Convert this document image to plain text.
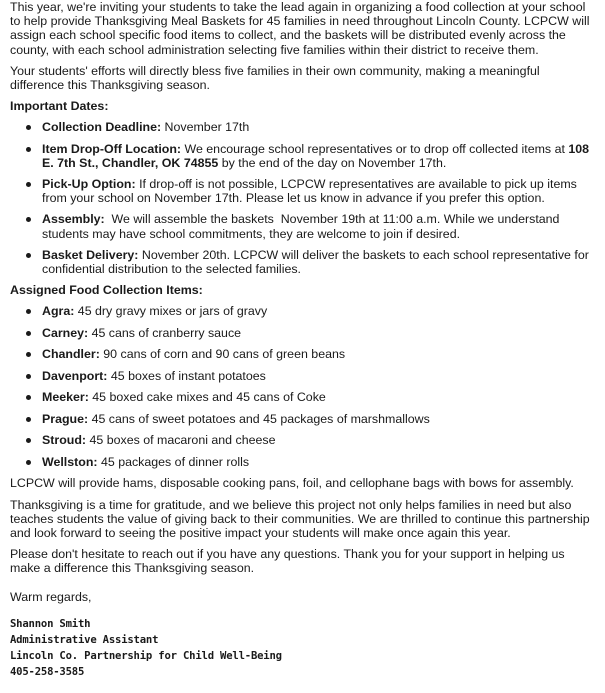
This year, we're inviting your students to take the lead again in organizing a food collection at your school to help provide Thanksgiving Meal Baskets for 45 families in need throughout Lincoln County. LCPCW will assign each school specific food items to collect, and the baskets will be distributed evenly across the county, with each school administration selecting five families within their district to receive them.

Your students' efforts will directly bless five families in their own community, making a meaningful difference this Thanksgiving season.

Important Dates:
Collection Deadline: November 17th
Item Drop-Off Location: We encourage school representatives or to drop off collected items at 108 E. 7th St., Chandler, OK 74855 by the end of the day on November 17th.
Pick-Up Option: If drop-off is not possible, LCPCW representatives are available to pick up items from your school on November 17th. Please let us know in advance if you prefer this option.
Assembly:  We will assemble the baskets  November 19th at 11:00 a.m. While we understand students may have school commitments, they are welcome to join if desired.
Basket Delivery: November 20th. LCPCW will deliver the baskets to each school representative for confidential distribution to the selected families.
Assigned Food Collection Items:
Agra: 45 dry gravy mixes or jars of gravy
Carney: 45 cans of cranberry sauce
Chandler: 90 cans of corn and 90 cans of green beans
Davenport: 45 boxes of instant potatoes
Meeker: 45 boxed cake mixes and 45 cans of Coke
Prague: 45 cans of sweet potatoes and 45 packages of marshmallows
Stroud: 45 boxes of macaroni and cheese
Wellston: 45 packages of dinner rolls

LCPCW will provide hams, disposable cooking pans, foil, and cellophane bags with bows for assembly.

Thanksgiving is a time for gratitude, and we believe this project not only helps families in need but also teaches students the value of giving back to their communities. We are thrilled to continue this partnership and look forward to seeing the positive impact your students will make once again this year.

Please don't hesitate to reach out if you have any questions. Thank you for your support in helping us make a difference this Thanksgiving season.

Warm regards,

Shannon Smith
Administrative Assistant
Lincoln Co. Partnership for Child Well-Being
405-258-3585
